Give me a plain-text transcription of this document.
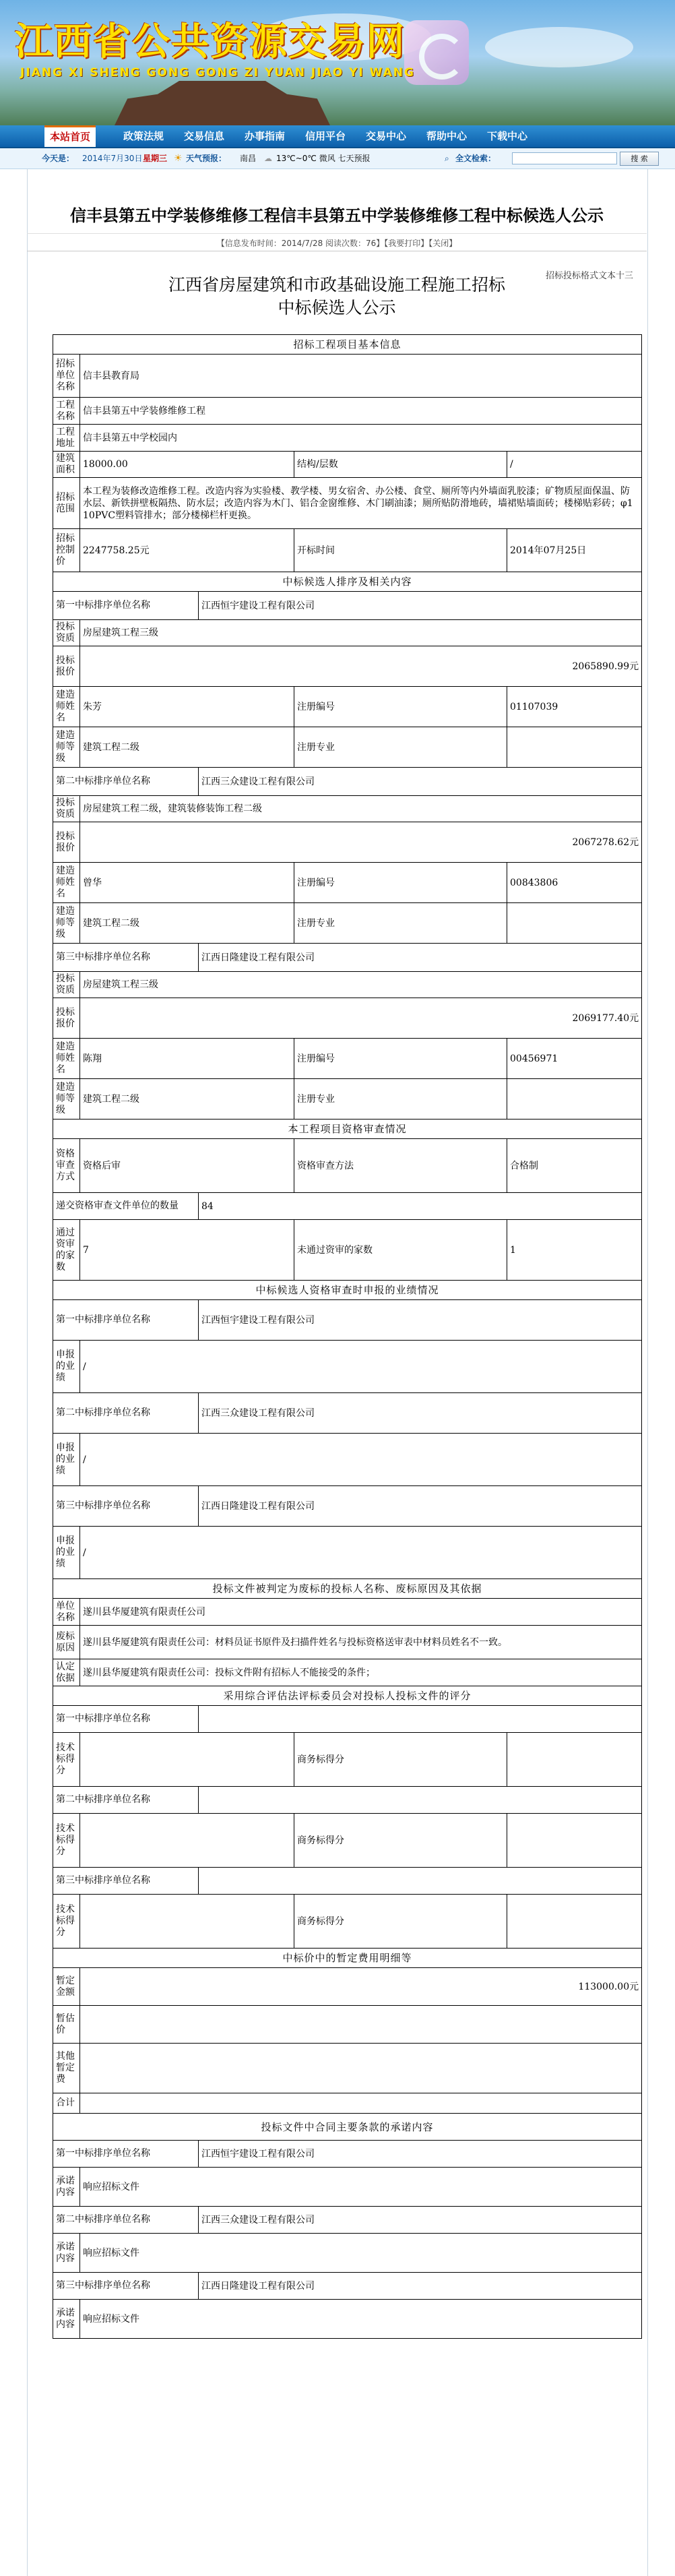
江西省公共资源交易网
JIANG XI SHENG GONG GONG ZI YUAN JIAO YI WANG
本站首页	政策法规	交易信息	办事指南	信用平台	交易中心	帮助中心	下载中心
今天是： 2014年7月30日 星期三 ☀ 天气预报： 南昌 ☁ 13℃~0℃ 微风 七天预报	⌕ 全文检索：	搜 索
信丰县第五中学装修维修工程信丰县第五中学装修维修工程中标候选人公示
【信息发布时间：2014/7/28 阅读次数：76】【我要打印】【关闭】
招标投标格式文本十三
江西省房屋建筑和市政基础设施工程施工招标
中标候选人公示
招标工程项目基本信息				
招标单位名称	信丰县教育局			
工程名称	信丰县第五中学装修维修工程			
工程地址	信丰县第五中学校园内			
建筑面积	18000.00		结构/层数	/
招标范围	本工程为装修改造维修工程。改造内容为实验楼、教学楼、男女宿舍、办公楼、食堂、厕所等内外墙面乳胶漆；矿物质屋面保温、防水层、新铁拼壁板隔热、防水层；改造内容为木门、铝合金窗维修、木门刷油漆；厕所贴防滑地砖，墙裙贴墙面砖；楼梯贴彩砖；φ110PVC塑料管排水；部分楼梯栏杆更换。			
招标控制价	2247758.25元		开标时间	2014年07月25日
中标候选人排序及相关内容				
第一中标排序单位名称		江西恒宇建设工程有限公司		
投标资质	房屋建筑工程三级			
投标报价	2065890.99元			
建造师姓名	朱芳		注册编号	01107039
建造师等级	建筑工程二级		注册专业	
第二中标排序单位名称		江西三众建设工程有限公司		
投标资质	房屋建筑工程二级，建筑装修装饰工程二级			
投标报价	2067278.62元			
建造师姓名	曾华		注册编号	00843806
建造师等级	建筑工程二级		注册专业	
第三中标排序单位名称		江西日隆建设工程有限公司		
投标资质	房屋建筑工程三级			
投标报价	2069177.40元			
建造师姓名	陈翔		注册编号	00456971
建造师等级	建筑工程二级		注册专业	
本工程项目资格审查情况				
资格审查方式	资格后审		资格审查方法	合格制
递交资格审查文件单位的数量		84		
通过资审的家数	7		未通过资审的家数	1
中标候选人资格审查时申报的业绩情况				
第一中标排序单位名称		江西恒宇建设工程有限公司		
申报的业绩	/			
第二中标排序单位名称		江西三众建设工程有限公司		
申报的业绩	/			
第三中标排序单位名称		江西日隆建设工程有限公司		
申报的业绩	/			
投标文件被判定为废标的投标人名称、废标原因及其依据				
单位名称	遂川县华厦建筑有限责任公司			
废标原因	遂川县华厦建筑有限责任公司：材料员证书原件及扫描件姓名与投标资格送审表中材料员姓名不一致。			
认定依据	遂川县华厦建筑有限责任公司：投标文件附有招标人不能接受的条件；			
采用综合评估法评标委员会对投标人投标文件的评分				
第一中标排序单位名称				
技术标得分			商务标得分	
第二中标排序单位名称				
技术标得分			商务标得分	
第三中标排序单位名称				
技术标得分			商务标得分	
中标价中的暂定费用明细等				
暂定金额	113000.00元			
暂估价				
其他暂定费				
合计				
投标文件中合同主要条款的承诺内容				
第一中标排序单位名称		江西恒宇建设工程有限公司		
承诺内容	响应招标文件			
第二中标排序单位名称		江西三众建设工程有限公司		
承诺内容	响应招标文件			
第三中标排序单位名称		江西日隆建设工程有限公司		
承诺内容	响应招标文件			
